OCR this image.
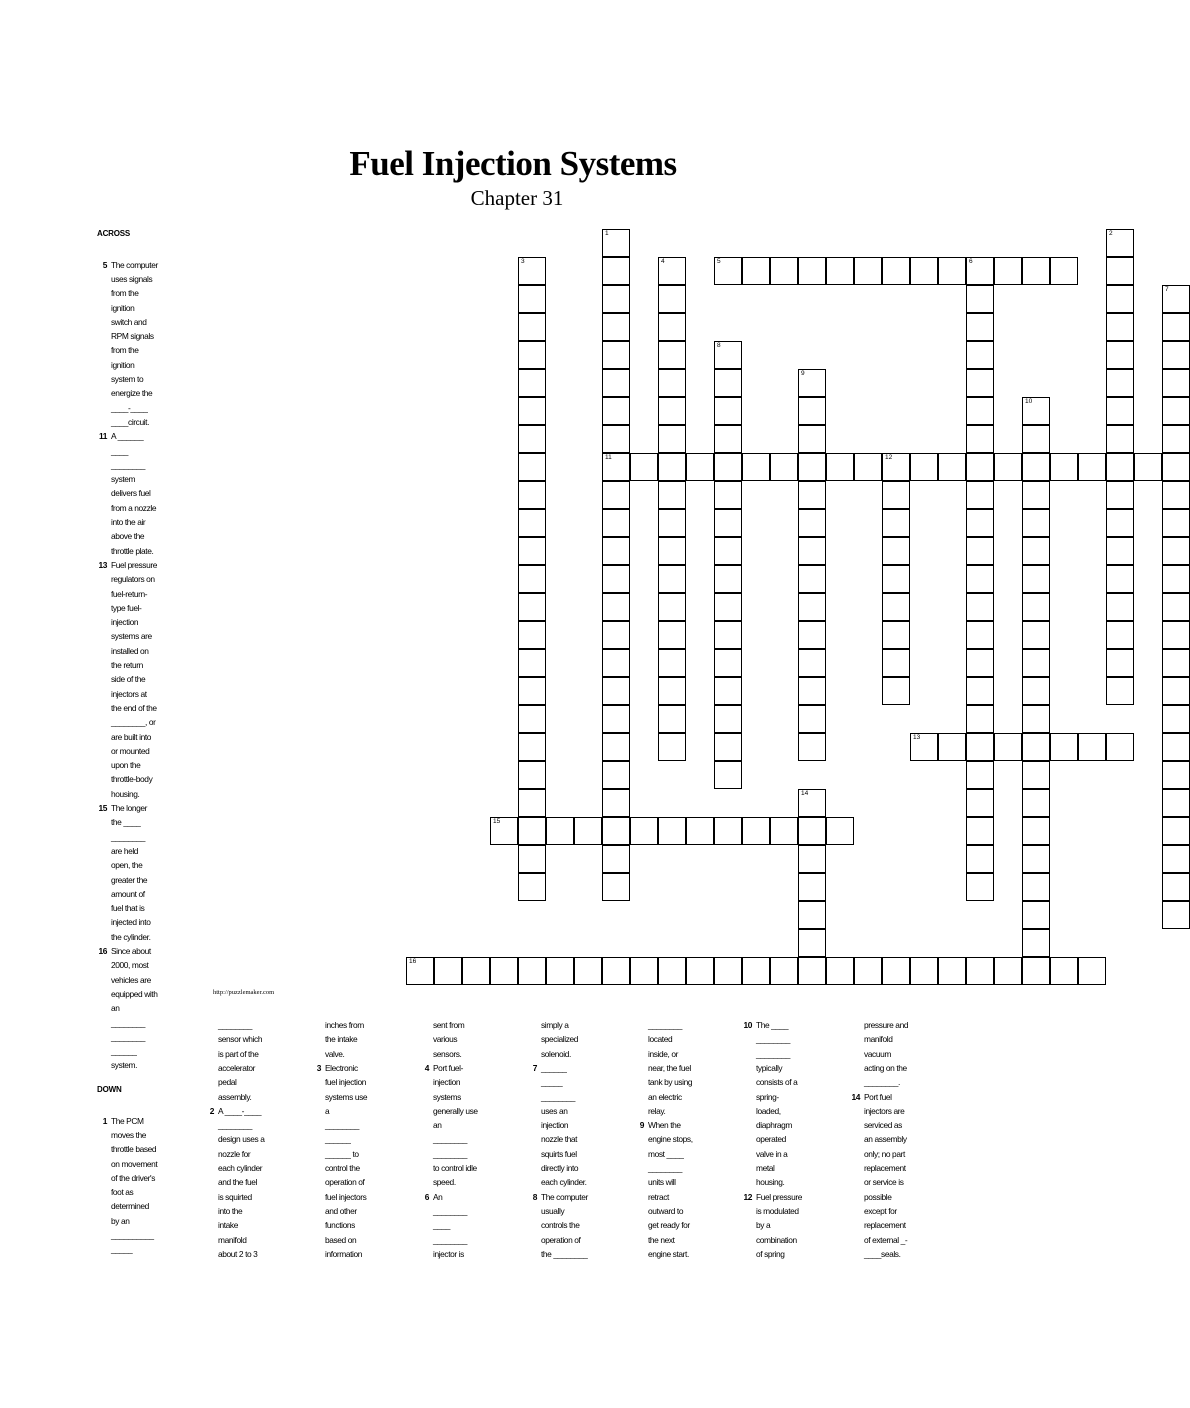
Fuel Injection Systems
Chapter 31
ACROSS
5 The computer
uses signals
from the
ignition
switch and
RPM signals
from the
ignition
system to
energize the
____-____
____circuit.
11 A ______
____
________
system
delivers fuel
from a nozzle
into the air
above the
throttle plate.
13 Fuel pressure
regulators on
fuel-return-
type fuel-
injection
systems are
installed on
the return
side of the
injectors at
the end of the
________, or
are built into
or mounted
upon the
throttle-body
housing.
15 The longer
the ____
________
are held
open, the
greater the
amount of
fuel that is
injected into
the cylinder.
16 Since about
2000, most
vehicles are
equipped with
an
________
________
______
system.
DOWN
1 The PCM
moves the
throttle based
on movement
of the driver's
foot as
determined
by an
__________
_____
________
sensor which
is part of the
accelerator
pedal
assembly.
2 A ____-____
________
design uses a
nozzle for
each cylinder
and the fuel
is squirted
into the
intake
manifold
about 2 to 3
inches from
the intake
valve.
3 Electronic
fuel injection
systems use
a
________
______
______ to
control the
operation of
fuel injectors
and other
functions
based on
information
sent from
various
sensors.
4 Port fuel-
injection
systems
generally use
an
________
________
to control idle
speed.
6 An
________
____
________
injector is
simply a
specialized
solenoid.
7 ______
_____
________
uses an
injection
nozzle that
squirts fuel
directly into
each cylinder.
8 The computer
usually
controls the
operation of
the ________
________
located
inside, or
near, the fuel
tank by using
an electric
relay.
9 When the
engine stops,
most ____
________
units will
retract
outward to
get ready for
the next
engine start.
10 The ____
________
________
typically
consists of a
spring-
loaded,
diaphragm
operated
valve in a
metal
housing.
12 Fuel pressure
is modulated
by a
combination
of spring
pressure and
manifold
vacuum
acting on the
________.
14 Port fuel
injectors are
serviced as
an assembly
only; no part
replacement
or service is
possible
except for
replacement
of external _-
____seals.
1
11
2
3	4	5	6
7
8
9
10
12
13
14
15
16
http://puzzlemaker.com
